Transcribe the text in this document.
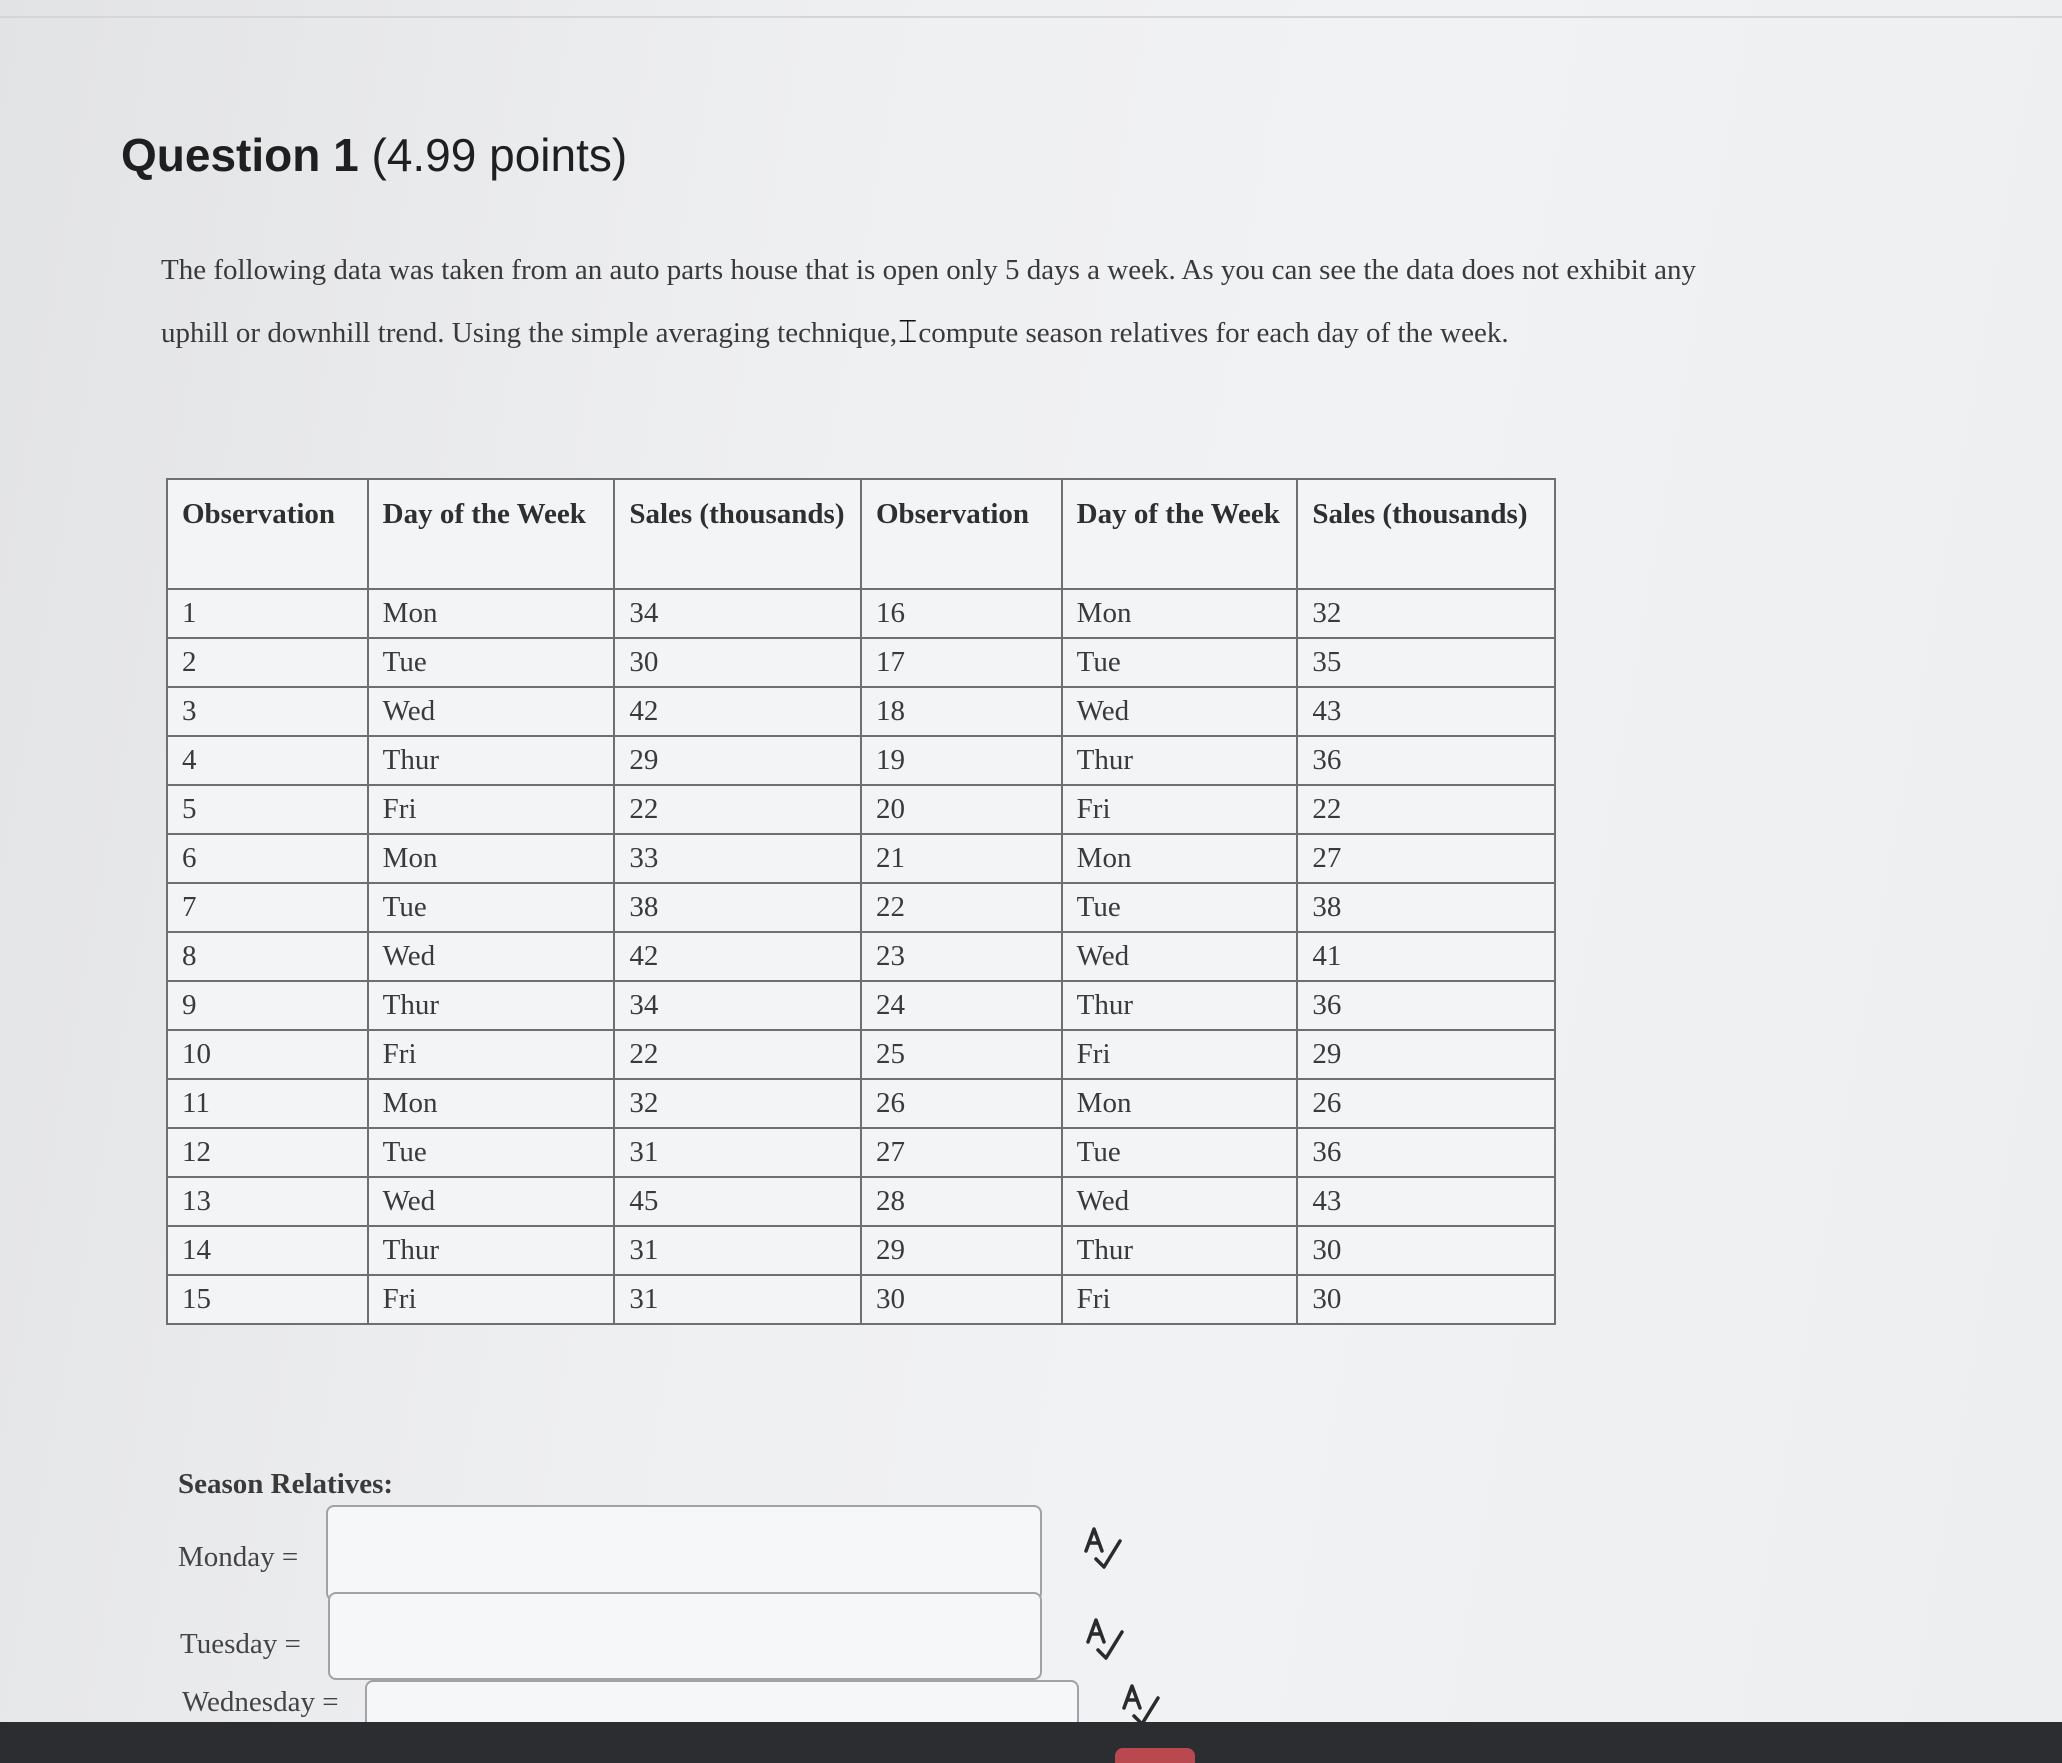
Question 1 (4.99 points)
The following data was taken from an auto parts house that is open only 5 days a week. As you can see the data does not exhibit any uphill or downhill trend. Using the simple averaging technique,⌶compute season relatives for each day of the week.
Observation	Day of the Week	Sales (thousands)	Observation	Day of the Week	Sales (thousands)
1	Mon	34	16	Mon	32
2	Tue	30	17	Tue	35
3	Wed	42	18	Wed	43
4	Thur	29	19	Thur	36
5	Fri	22	20	Fri	22
6	Mon	33	21	Mon	27
7	Tue	38	22	Tue	38
8	Wed	42	23	Wed	41
9	Thur	34	24	Thur	36
10	Fri	22	25	Fri	29
11	Mon	32	26	Mon	26
12	Tue	31	27	Tue	36
13	Wed	45	28	Wed	43
14	Thur	31	29	Thur	30
15	Fri	31	30	Fri	30
Season Relatives:
Monday =
Tuesday =
Wednesday =
